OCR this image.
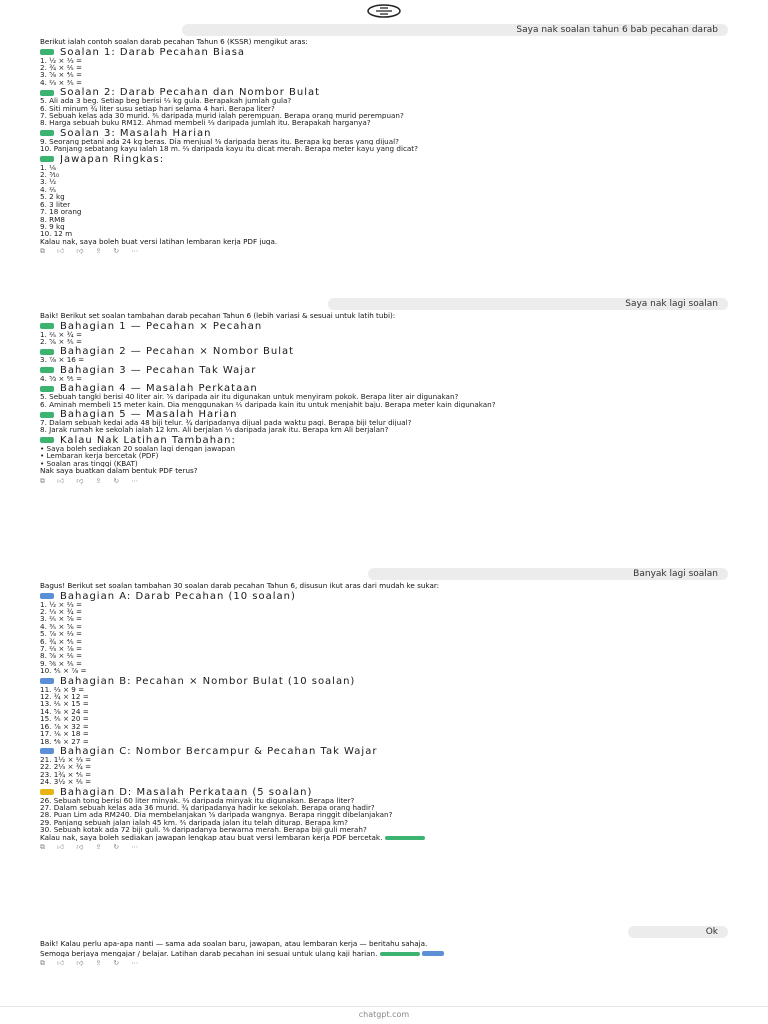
Saya nak soalan tahun 6 bab pecahan darab
Berikut ialah contoh soalan darab pecahan Tahun 6 (KSSR) mengikut aras:
Soalan 1: Darab Pecahan Biasa
1. ½ × ⅓ =
2. ¾ × ⅖ =
3. ⅝ × ⅘ =
4. ⅔ × ⅗ =
Soalan 2: Darab Pecahan dan Nombor Bulat
5. Ali ada 3 beg. Setiap beg berisi ⅔ kg gula. Berapakah jumlah gula?
6. Siti minum ¾ liter susu setiap hari selama 4 hari. Berapa liter?
7. Sebuah kelas ada 30 murid. ⅗ daripada murid ialah perempuan. Berapa orang murid perempuan?
8. Harga sebuah buku RM12. Ahmad membeli ⅔ daripada jumlah itu. Berapakah harganya?
Soalan 3: Masalah Harian
9. Seorang petani ada 24 kg beras. Dia menjual ⅜ daripada beras itu. Berapa kg beras yang dijual?
10. Panjang sebatang kayu ialah 18 m. ⅔ daripada kayu itu dicat merah. Berapa meter kayu yang dicat?
Jawapan Ringkas:
1. ⅙
2. ³⁄₁₀
3. ½
4. ⅖
5. 2 kg
6. 3 liter
7. 18 orang
8. RM8
9. 9 kg
10. 12 m
Kalau nak, saya boleh buat versi latihan lembaran kerja PDF juga.
⧉ 👍︎ 👎︎ ⇪ ↻ ⋯
Saya nak lagi soalan
Baik! Berikut set soalan tambahan darab pecahan Tahun 6 (lebih variasi & sesuai untuk latih tubi):
Bahagian 1 — Pecahan × Pecahan
1. ⅖ × ¾ =
2. ⅚ × ⅗ =
Bahagian 2 — Pecahan × Nombor Bulat
3. ⅞ × 16 =
Bahagian 3 — Pecahan Tak Wajar
4. ⁵⁄₃ × ⁶⁄₅ =
Bahagian 4 — Masalah Perkataan
5. Sebuah tangki berisi 40 liter air. ⅝ daripada air itu digunakan untuk menyiram pokok. Berapa liter air digunakan?
6. Aminah membeli 15 meter kain. Dia menggunakan ⅖ daripada kain itu untuk menjahit baju. Berapa meter kain digunakan?
Bahagian 5 — Masalah Harian
7. Dalam sebuah kedai ada 48 biji telur. ¾ daripadanya dijual pada waktu pagi. Berapa biji telur dijual?
8. Jarak rumah ke sekolah ialah 12 km. Ali berjalan ⅓ daripada jarak itu. Berapa km Ali berjalan?
Kalau Nak Latihan Tambahan:
• Saya boleh sediakan 20 soalan lagi dengan jawapan
• Lembaran kerja bercetak (PDF)
• Soalan aras tinggi (KBAT)
Nak saya buatkan dalam bentuk PDF terus?
⧉ 👍︎ 👎︎ ⇪ ↻ ⋯
Banyak lagi soalan
Bagus! Berikut set soalan tambahan 30 soalan darab pecahan Tahun 6, disusun ikut aras dari mudah ke sukar:
Bahagian A: Darab Pecahan (10 soalan)
1. ½ × ⅔ =
2. ⅓ × ¾ =
3. ⅖ × ⅝ =
4. ⅗ × ⅚ =
5. ⅞ × ⅔ =
6. ¾ × ⅘ =
7. ⅔ × ⅞ =
8. ⅝ × ⅖ =
9. ⁵⁄₆ × ⅗ =
10. ⅘ × ⅞ =
Bahagian B: Pecahan × Nombor Bulat (10 soalan)
11. ⅔ × 9 =
12. ¾ × 12 =
13. ⅖ × 15 =
14. ⅝ × 24 =
15. ⅗ × 20 =
16. ⅞ × 32 =
17. ⅙ × 18 =
18. ⁴⁄₉ × 27 =
Bahagian C: Nombor Bercampur & Pecahan Tak Wajar
21. 1½ × ⅔ =
22. 2⅓ × ¾ =
23. 1¾ × ⅘ =
24. 3½ × ⅖ =
Bahagian D: Masalah Perkataan (5 soalan)
26. Sebuah tong berisi 60 liter minyak. ⅔ daripada minyak itu digunakan. Berapa liter?
27. Dalam sebuah kelas ada 36 murid. ¾ daripadanya hadir ke sekolah. Berapa orang hadir?
28. Puan Lim ada RM240. Dia membelanjakan ⅝ daripada wangnya. Berapa ringgit dibelanjakan?
29. Panjang sebuah jalan ialah 45 km. ⅗ daripada jalan itu telah diturap. Berapa km?
30. Sebuah kotak ada 72 biji guli. ⁵⁄₉ daripadanya berwarna merah. Berapa biji guli merah?
Kalau nak, saya boleh sediakan jawapan lengkap atau buat versi lembaran kerja PDF bercetak.
⧉ 👍︎ 👎︎ ⇪ ↻ ⋯
Ok
Baik! Kalau perlu apa-apa nanti — sama ada soalan baru, jawapan, atau lembaran kerja — beritahu sahaja.
Semoga berjaya mengajar / belajar. Latihan darab pecahan ini sesuai untuk ulang kaji harian.
⧉ 👍︎ 👎︎ ⇪ ↻ ⋯
chatgpt.com
